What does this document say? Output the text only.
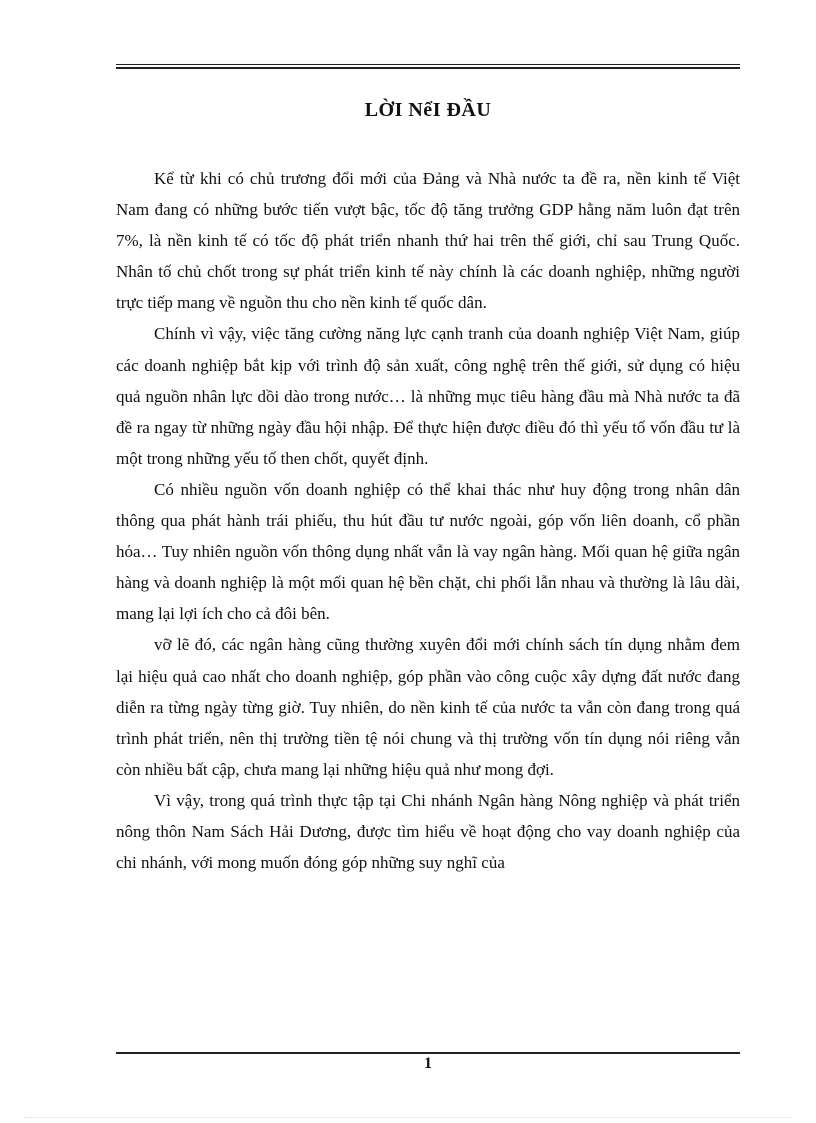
LỜI NểI ĐẦU

Kể từ khi có chủ trương đổi mới của Đảng và Nhà nước ta đề ra, nền kinh tế Việt Nam đang có những bước tiến vượt bậc, tốc độ tăng trưởng GDP hằng năm luôn đạt trên 7%, là nền kinh tế có tốc độ phát triển nhanh thứ hai trên thế giới, chỉ sau Trung Quốc. Nhân tố chủ chốt trong sự phát triển kinh tế này chính là các doanh nghiệp, những người trực tiếp mang về nguồn thu cho nền kinh tế quốc dân.

Chính vì vậy, việc tăng cường năng lực cạnh tranh của doanh nghiệp Việt Nam, giúp các doanh nghiệp bắt kịp với trình độ sản xuất, công nghệ trên thế giới, sử dụng có hiệu quả nguồn nhân lực dồi dào trong nước… là những mục tiêu hàng đầu mà Nhà nước ta đã đề ra ngay từ những ngày đầu hội nhập. Để thực hiện được điều đó thì yếu tố vốn đầu tư là một trong những yếu tố then chốt, quyết định.

Có nhiều nguồn vốn doanh nghiệp có thể khai thác như huy động trong nhân dân thông qua phát hành trái phiếu, thu hút đầu tư nước ngoài, góp vốn liên doanh, cổ phần hόa… Tuy nhiên nguồn vốn thông dụng nhất vẫn là vay ngân hàng. Mối quan hệ giữa ngân hàng và doanh nghiệp là một mối quan hệ bền chặt, chi phối lẫn nhau và thường là lâu dài, mang lại lợi ích cho cả đôi bên.

vỡ lẽ đó, các ngân hàng cũng thường xuyên đổi mới chính sách tín dụng nhằm đem lại hiệu quả cao nhất cho doanh nghiệp, góp phần vào công cuộc xây dựng đất nước đang diễn ra từng ngày từng giờ. Tuy nhiên, do nền kinh tế của nước ta vẫn còn đang trong quá trình phát triển, nên thị trường tiền tệ nói chung và thị trường vốn tín dụng nói riêng vẫn còn nhiều bất cập, chưa mang lại những hiệu quả như mong đợi.

Vì vậy, trong quá trình thực tập tại Chi nhánh Ngân hàng Nông nghiệp và phát triển nông thôn Nam Sách Hải Dương, được tìm hiểu về hoạt động cho vay doanh nghiệp của chi nhánh, với mong muốn đóng góp những suy nghĩ của

1
